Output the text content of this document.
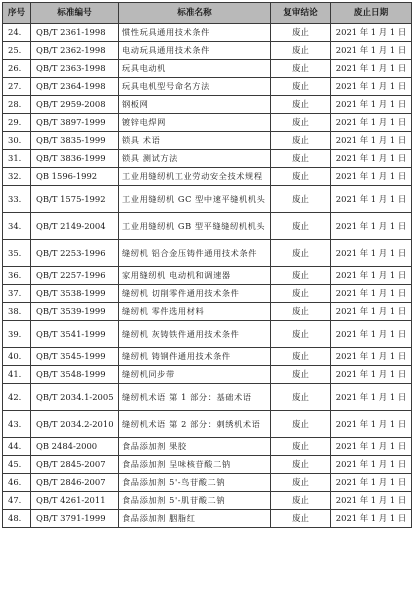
序号	标准编号	标准名称	复审结论	废止日期
24.	QB/T 2361-1998	惯性玩具通用技术条件	废止	2021 年 1 月 1 日
25.	QB/T 2362-1998	电动玩具通用技术条件	废止	2021 年 1 月 1 日
26.	QB/T 2363-1998	玩具电动机	废止	2021 年 1 月 1 日
27.	QB/T 2364-1998	玩具电机型号命名方法	废止	2021 年 1 月 1 日
28.	QB/T 2959-2008	钢板网	废止	2021 年 1 月 1 日
29.	QB/T 3897-1999	镀锌电焊网	废止	2021 年 1 月 1 日
30.	QB/T 3835-1999	锁具 术语	废止	2021 年 1 月 1 日
31.	QB/T 3836-1999	锁具 测试方法	废止	2021 年 1 月 1 日
32.	QB 1596-1992	工业用缝纫机工业劳动安全技术规程	废止	2021 年 1 月 1 日
33.	QB/T 1575-1992	工业用缝纫机 GC 型中速平缝机机头	废止	2021 年 1 月 1 日
34.	QB/T 2149-2004	工业用缝纫机 GB 型平缝缝纫机机头	废止	2021 年 1 月 1 日
35.	QB/T 2253-1996	缝纫机 铝合金压铸件通用技术条件	废止	2021 年 1 月 1 日
36.	QB/T 2257-1996	家用缝纫机 电动机和调速器	废止	2021 年 1 月 1 日
37.	QB/T 3538-1999	缝纫机 切削零件通用技术条件	废止	2021 年 1 月 1 日
38.	QB/T 3539-1999	缝纫机 零件选用材料	废止	2021 年 1 月 1 日
39.	QB/T 3541-1999	缝纫机 灰铸铁件通用技术条件	废止	2021 年 1 月 1 日
40.	QB/T 3545-1999	缝纫机 铸钢件通用技术条件	废止	2021 年 1 月 1 日
41.	QB/T 3548-1999	缝纫机同步带	废止	2021 年 1 月 1 日
42.	QB/T 2034.1-2005	缝纫机术语 第 1 部分：基础术语	废止	2021 年 1 月 1 日
43.	QB/T 2034.2-2010	缝纫机术语 第 2 部分：刺绣机术语	废止	2021 年 1 月 1 日
44.	QB 2484-2000	食品添加剂 果胶	废止	2021 年 1 月 1 日
45.	QB/T 2845-2007	食品添加剂 呈味核苷酸二钠	废止	2021 年 1 月 1 日
46.	QB/T 2846-2007	食品添加剂 5'-鸟苷酸二钠	废止	2021 年 1 月 1 日
47.	QB/T 4261-2011	食品添加剂 5'-肌苷酸二钠	废止	2021 年 1 月 1 日
48.	QB/T 3791-1999	食品添加剂 胭脂红	废止	2021 年 1 月 1 日
